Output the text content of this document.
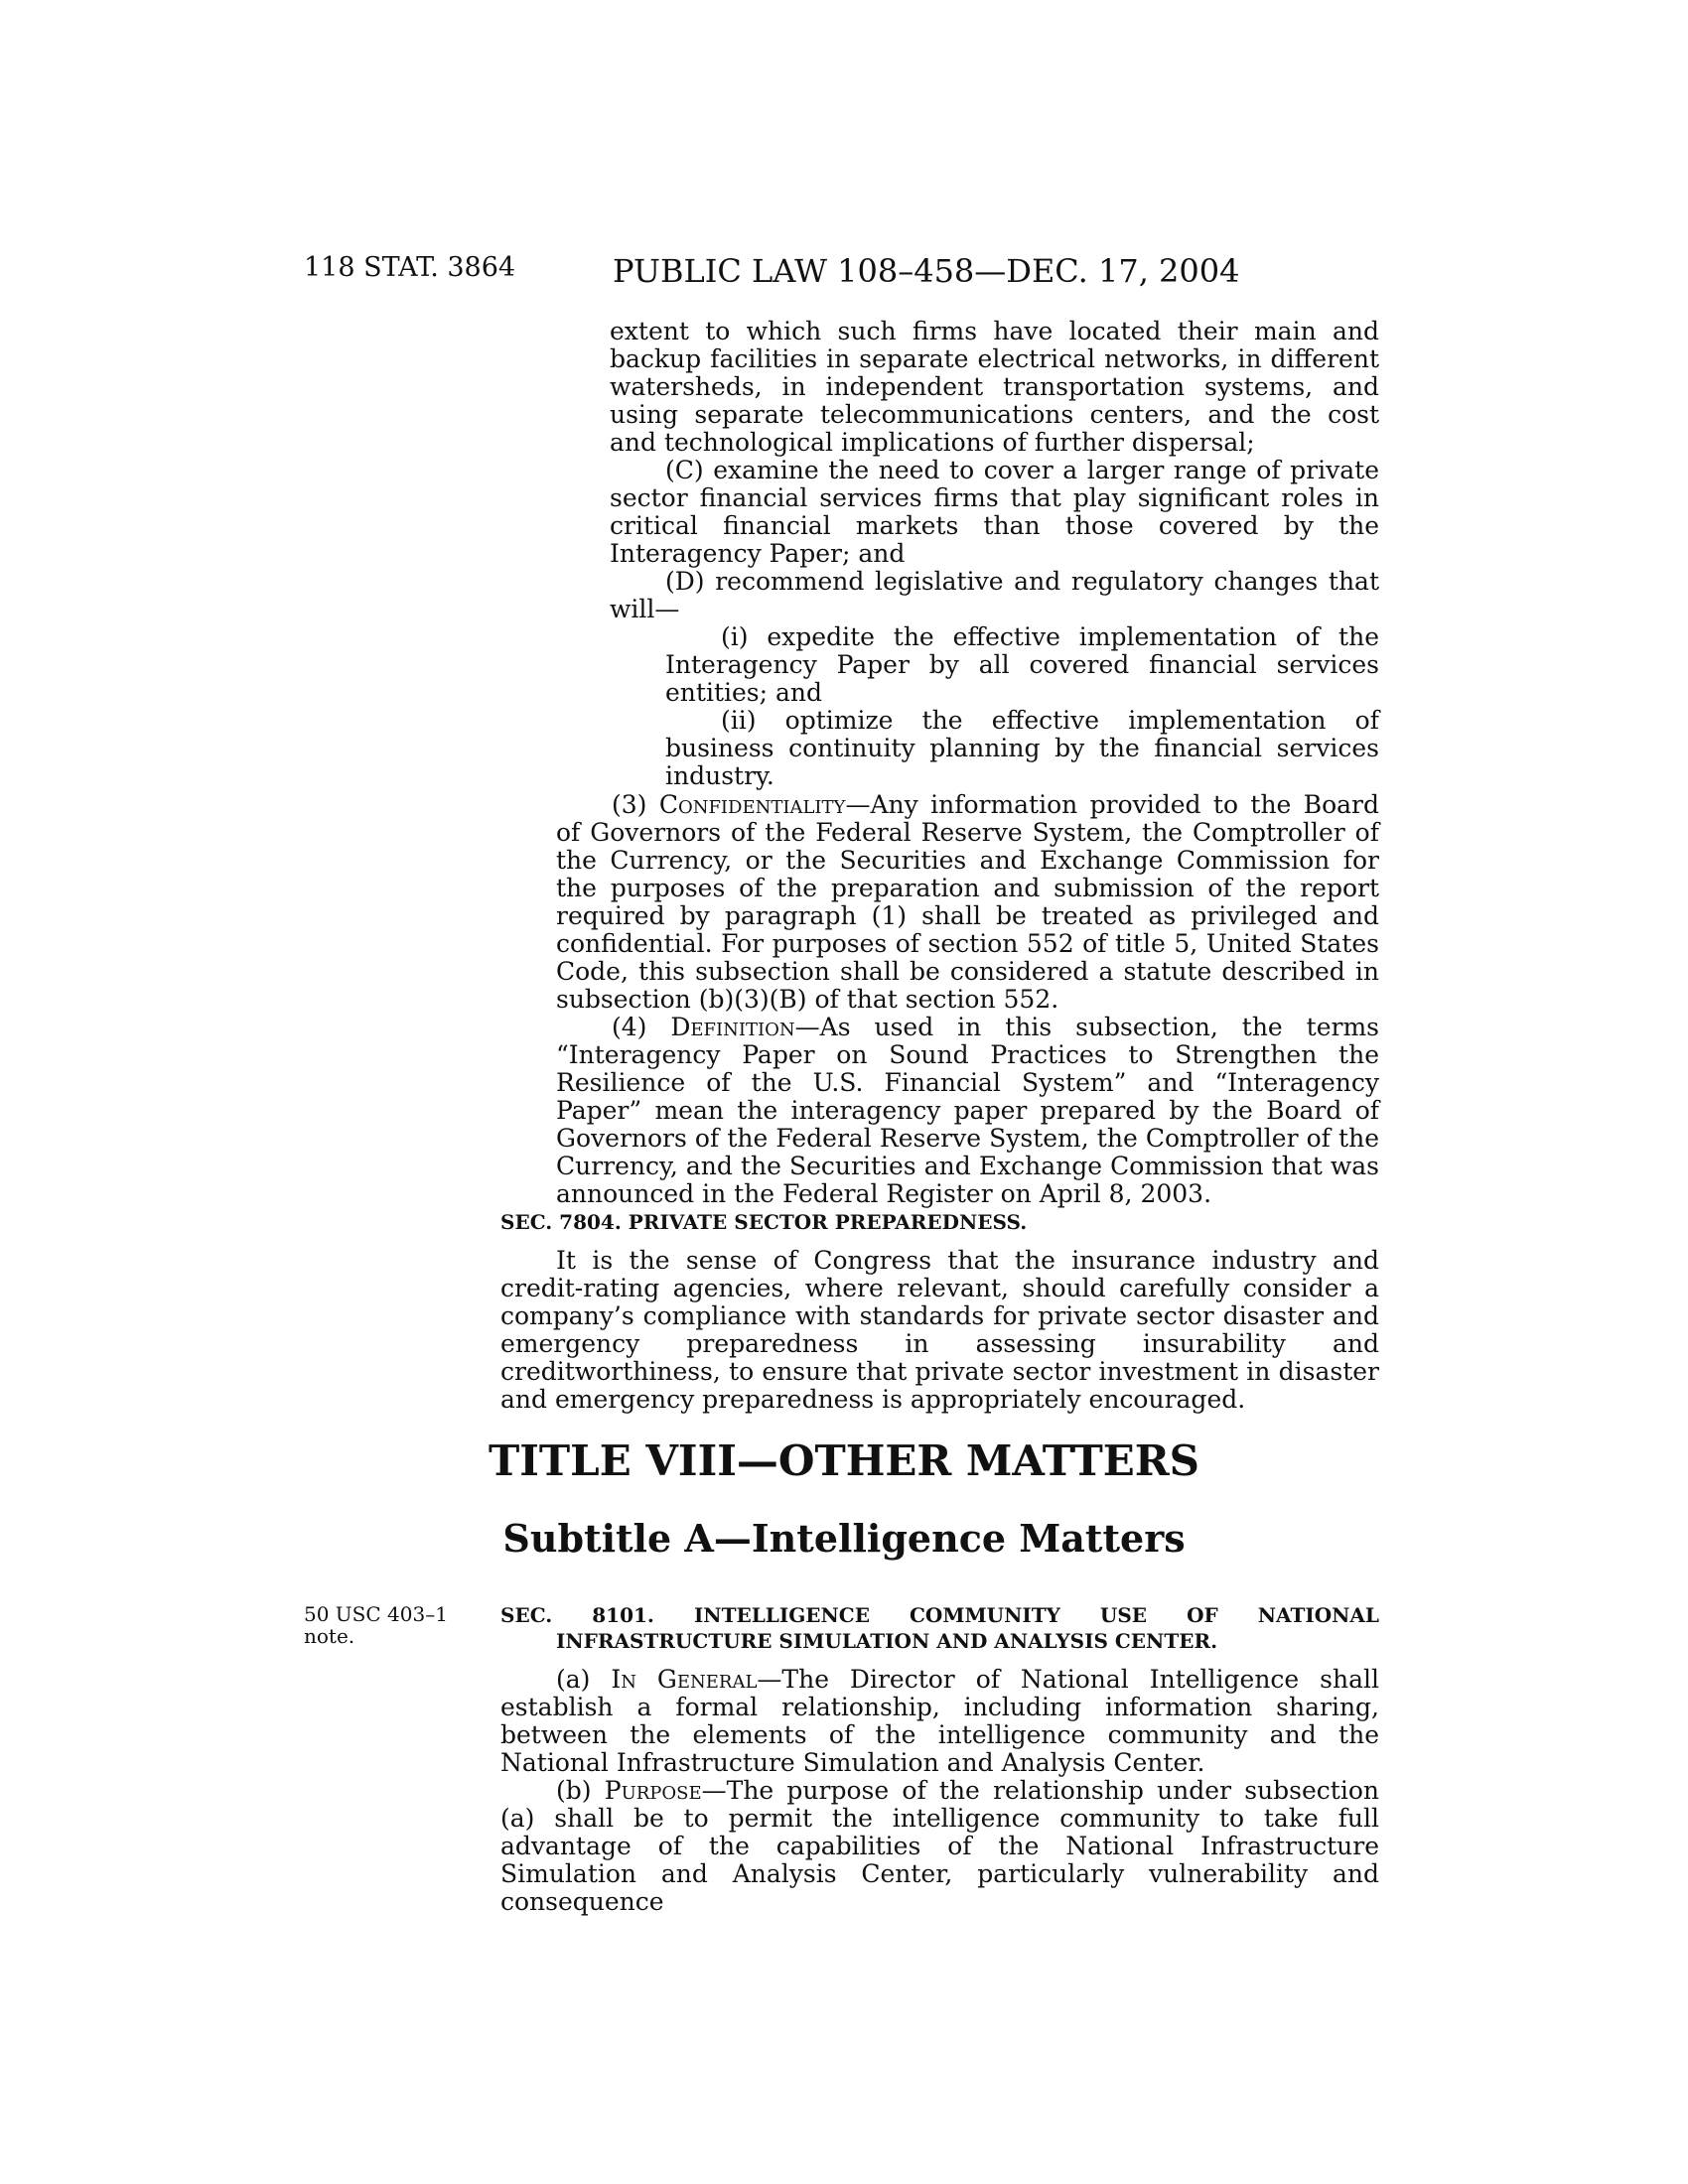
118 STAT. 3864	PUBLIC LAW 108–458—DEC. 17, 2004

extent to which such firms have located their main and backup facilities in separate electrical networks, in different watersheds, in independent transportation systems, and using separate telecommunications centers, and the cost and technological implications of further dispersal;

(C) examine the need to cover a larger range of private sector financial services firms that play significant roles in critical financial markets than those covered by the Interagency Paper; and

(D) recommend legislative and regulatory changes that will—

(i) expedite the effective implementation of the Interagency Paper by all covered financial services entities; and

(ii) optimize the effective implementation of business continuity planning by the financial services industry.

(3) Confidentiality—Any information provided to the Board of Governors of the Federal Reserve System, the Comptroller of the Currency, or the Securities and Exchange Commission for the purposes of the preparation and submission of the report required by paragraph (1) shall be treated as privileged and confidential. For purposes of section 552 of title 5, United States Code, this subsection shall be considered a statute described in subsection (b)(3)(B) of that section 552.

(4) Definition—As used in this subsection, the terms “Interagency Paper on Sound Practices to Strengthen the Resilience of the U.S. Financial System” and “Interagency Paper” mean the interagency paper prepared by the Board of Governors of the Federal Reserve System, the Comptroller of the Currency, and the Securities and Exchange Commission that was announced in the Federal Register on April 8, 2003.

SEC. 7804. PRIVATE SECTOR PREPAREDNESS.

It is the sense of Congress that the insurance industry and credit-rating agencies, where relevant, should carefully consider a company’s compliance with standards for private sector disaster and emergency preparedness in assessing insurability and creditworthiness, to ensure that private sector investment in disaster and emergency preparedness is appropriately encouraged.

TITLE VIII—OTHER MATTERS
Subtitle A—Intelligence Matters
50 USC 403–1 note.

SEC. 8101. INTELLIGENCE COMMUNITY USE OF NATIONAL INFRASTRUCTURE SIMULATION AND ANALYSIS CENTER.

(a) In General—The Director of National Intelligence shall establish a formal relationship, including information sharing, between the elements of the intelligence community and the National Infrastructure Simulation and Analysis Center.

(b) Purpose—The purpose of the relationship under subsection (a) shall be to permit the intelligence community to take full advantage of the capabilities of the National Infrastructure Simulation and Analysis Center, particularly vulnerability and consequence
